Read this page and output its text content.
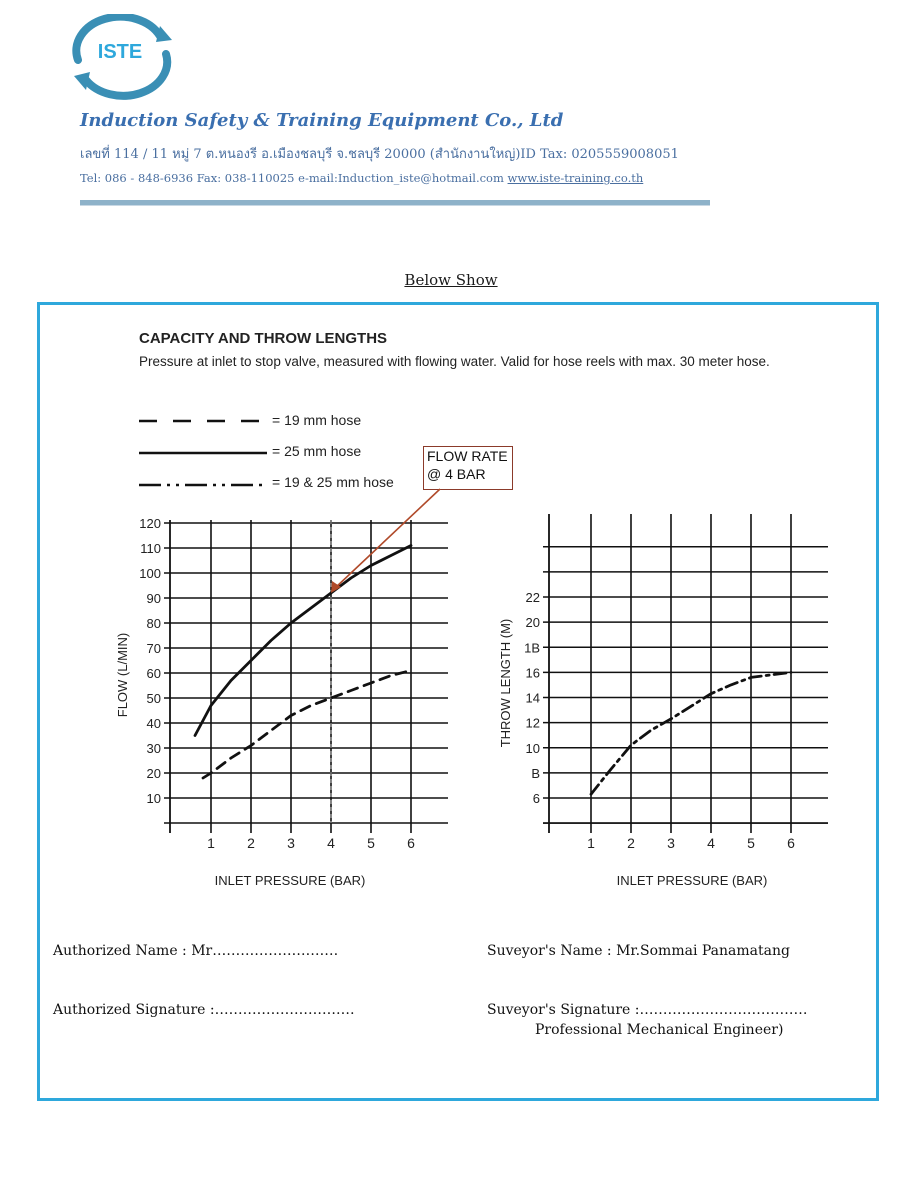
ISTE
Induction Safety & Training Equipment Co., Ltd
เลขที่ 114 / 11 หมู่ 7 ต.หนองรี อ.เมืองชลบุรี จ.ชลบุรี 20000 (สำนักงานใหญ่)ID Tax: 0205559008051
Tel: 086 - 848-6936 Fax: 038-110025 e-mail:Induction_iste@hotmail.com www.iste-training.co.th
Below Show
CAPACITY AND THROW LENGTHS
Pressure at inlet to stop valve, measured with flowing water. Valid for hose reels with max. 30 meter hose.
= 19 mm hose
= 25 mm hose
= 19 & 25 mm hose
FLOW RATE
@ 4 BAR
10
20
30
40
50
60
70
80
90
100
110
120
1 2 3 4 5 6
INLET PRESSURE (BAR)
FLOW (L/MIN)
6
B
10
12
14
16
1B
20
22
1 2 3 4 5 6
INLET PRESSURE (BAR)
THROW LENGTH (M)
Authorized Name : Mr………………………
Authorized Signature :…………………………
Suveyor's Name : Mr.Sommai Panamatang
Suveyor's Signature :………………………………
Professional Mechanical Engineer)
